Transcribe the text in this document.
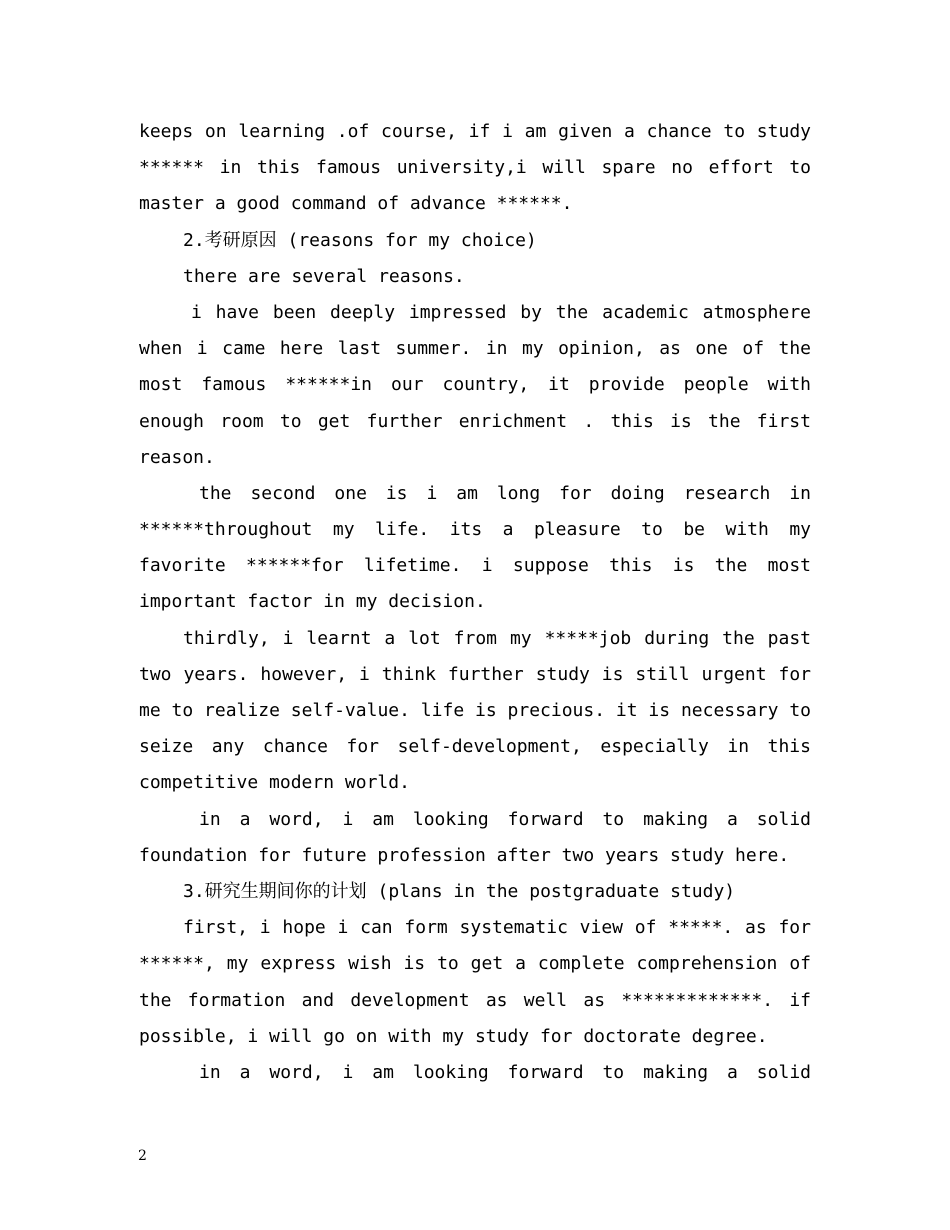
keeps on learning .of course, if i am given a chance to study
****** in this famous university,i will spare no effort to
master a good command of advance ******.
2.考研原因 (reasons for my choice)
there are several reasons.
i have been deeply impressed by the academic atmosphere
when i came here last summer. in my opinion, as one of the
most famous ******in our country, it provide people with
enough room to get further enrichment . this is the first
reason.
the second one is i am long for doing research in
******throughout my life. its a pleasure to be with my
favorite ******for lifetime. i suppose this is the most
important factor in my decision.
thirdly, i learnt a lot from my *****job during the past
two years. however, i think further study is still urgent for
me to realize self-value. life is precious. it is necessary to
seize any chance for self-development, especially in this
competitive modern world.
in a word, i am looking forward to making a solid
foundation for future profession after two years study here.
3.研究生期间你的计划 (plans in the postgraduate study)
first, i hope i can form systematic view of *****. as for
******, my express wish is to get a complete comprehension of
the formation and development as well as *************. if
possible, i will go on with my study for doctorate degree.
in a word, i am looking forward to making a solid
2
